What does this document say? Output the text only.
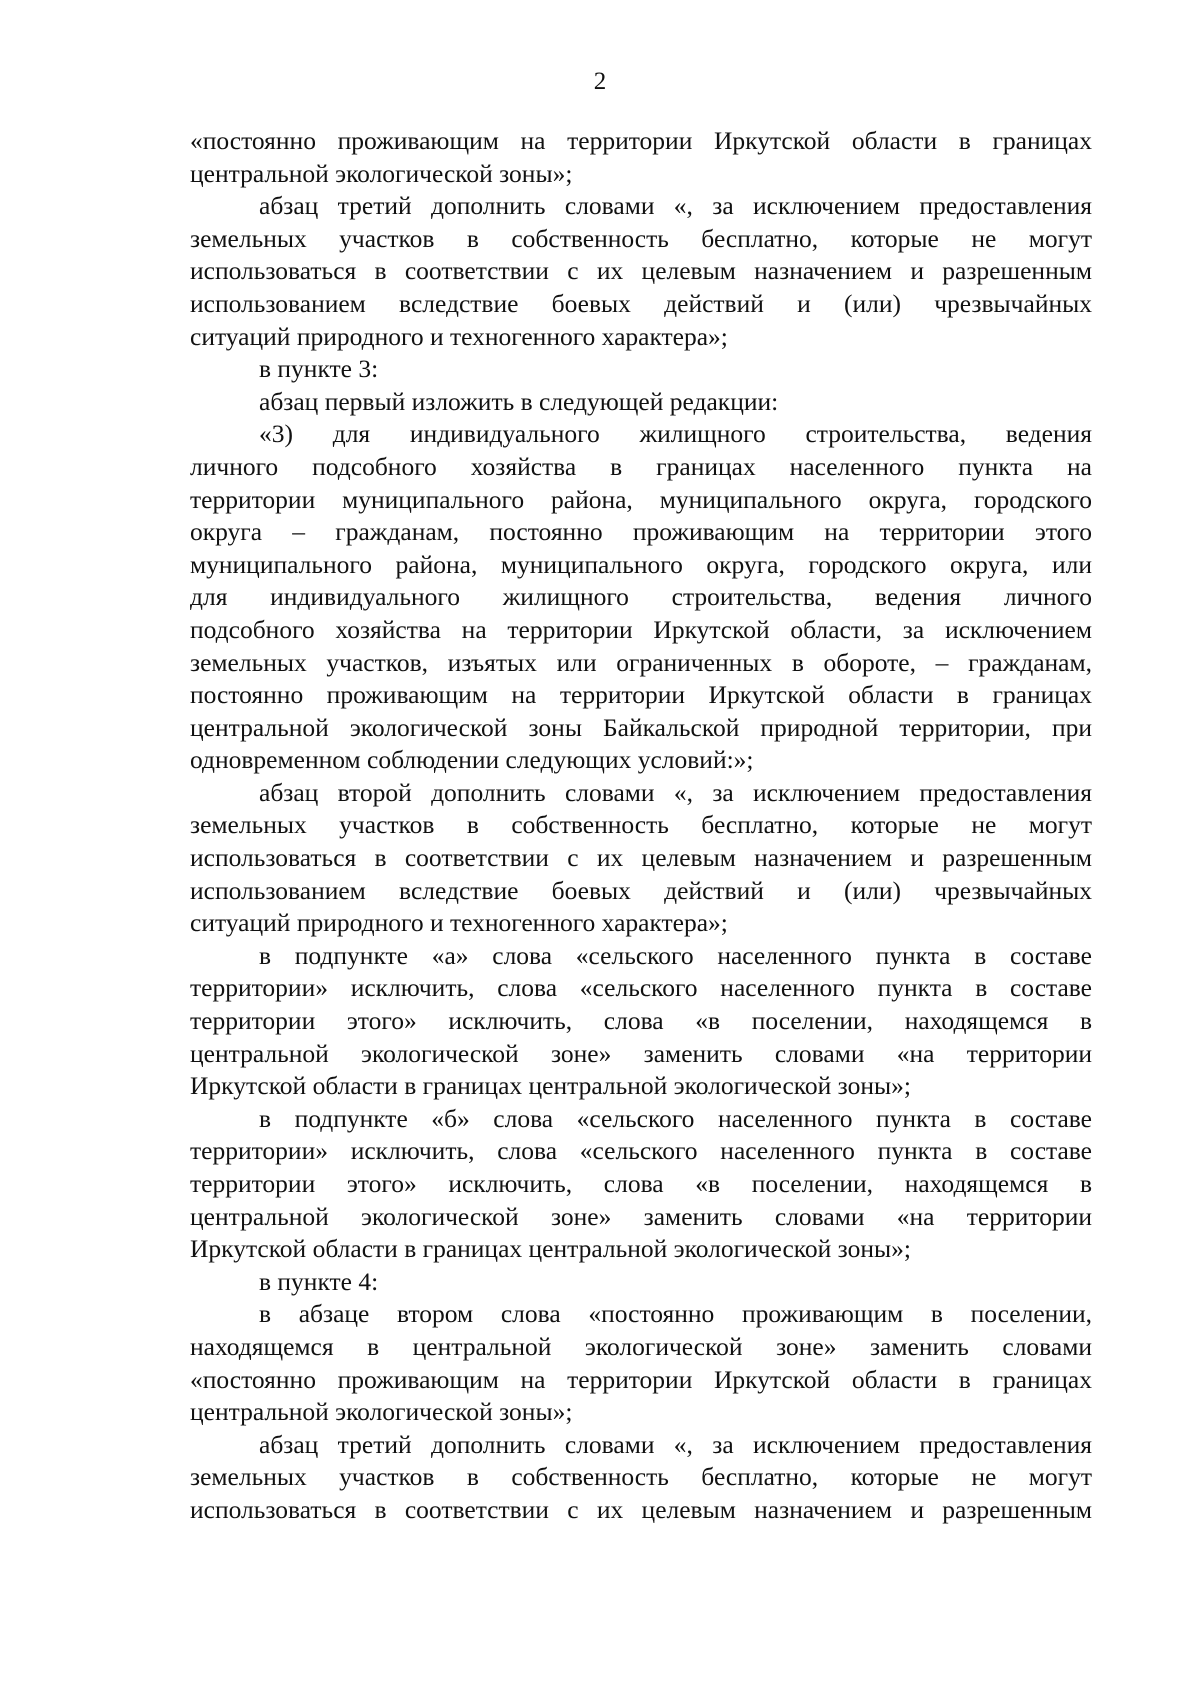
2

«постоянно проживающим на территории Иркутской области в границах

центральной экологической зоны»;

абзац третий дополнить словами «, за исключением предоставления

земельных участков в собственность бесплатно, которые не могут

использоваться в соответствии с их целевым назначением и разрешенным

использованием вследствие боевых действий и (или) чрезвычайных

ситуаций природного и техногенного характера»;

в пункте 3:

абзац первый изложить в следующей редакции:

«3) для индивидуального жилищного строительства, ведения

личного подсобного хозяйства в границах населенного пункта на

территории муниципального района, муниципального округа, городского

округа – гражданам, постоянно проживающим на территории этого

муниципального района, муниципального округа, городского округа, или

для индивидуального жилищного строительства, ведения личного

подсобного хозяйства на территории Иркутской области, за исключением

земельных участков, изъятых или ограниченных в обороте, – гражданам,

постоянно проживающим на территории Иркутской области в границах

центральной экологической зоны Байкальской природной территории, при

одновременном соблюдении следующих условий:»;

абзац второй дополнить словами «, за исключением предоставления

земельных участков в собственность бесплатно, которые не могут

использоваться в соответствии с их целевым назначением и разрешенным

использованием вследствие боевых действий и (или) чрезвычайных

ситуаций природного и техногенного характера»;

в подпункте «а» слова «сельского населенного пункта в составе

территории» исключить, слова «сельского населенного пункта в составе

территории этого» исключить, слова «в поселении, находящемся в

центральной экологической зоне» заменить словами «на территории

Иркутской области в границах центральной экологической зоны»;

в подпункте «б» слова «сельского населенного пункта в составе

территории» исключить, слова «сельского населенного пункта в составе

территории этого» исключить, слова «в поселении, находящемся в

центральной экологической зоне» заменить словами «на территории

Иркутской области в границах центральной экологической зоны»;

в пункте 4:

в абзаце втором слова «постоянно проживающим в поселении,

находящемся в центральной экологической зоне» заменить словами

«постоянно проживающим на территории Иркутской области в границах

центральной экологической зоны»;

абзац третий дополнить словами «, за исключением предоставления

земельных участков в собственность бесплатно, которые не могут

использоваться в соответствии с их целевым назначением и разрешенным
